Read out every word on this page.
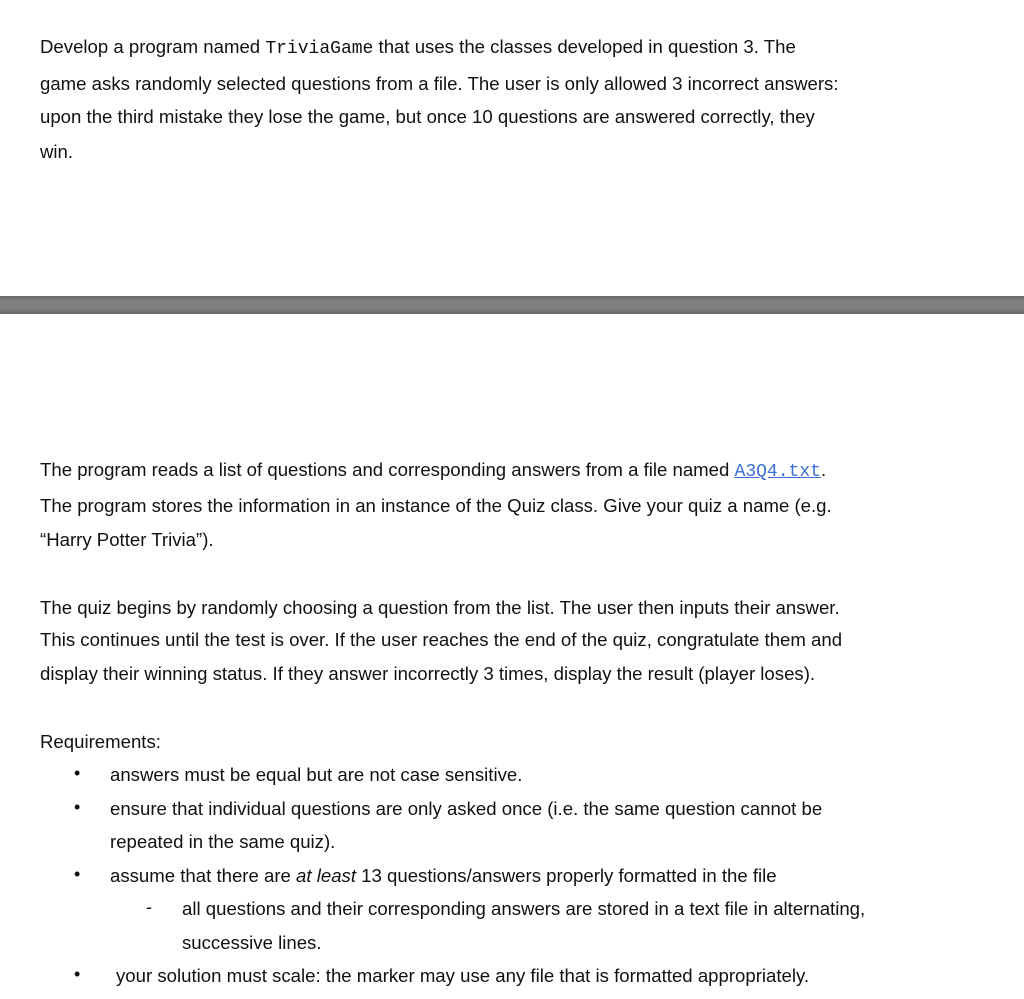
Develop a program named TriviaGame that uses the classes developed in question 3. The
game asks randomly selected questions from a file. The user is only allowed 3 incorrect answers:
upon the third mistake they lose the game, but once 10 questions are answered correctly, they
win.
The program reads a list of questions and corresponding answers from a file named A3Q4.txt.
The program stores the information in an instance of the Quiz class. Give your quiz a name (e.g.
“Harry Potter Trivia”).
The quiz begins by randomly choosing a question from the list. The user then inputs their answer.
This continues until the test is over. If the user reaches the end of the quiz, congratulate them and
display their winning status. If they answer incorrectly 3 times, display the result (player loses).
Requirements:
• answers must be equal but are not case sensitive.
• ensure that individual questions are only asked once (i.e. the same question cannot be
repeated in the same quiz).
• assume that there are at least 13 questions/answers properly formatted in the file
- all questions and their corresponding answers are stored in a text file in alternating,
successive lines.
• your solution must scale: the marker may use any file that is formatted appropriately.
